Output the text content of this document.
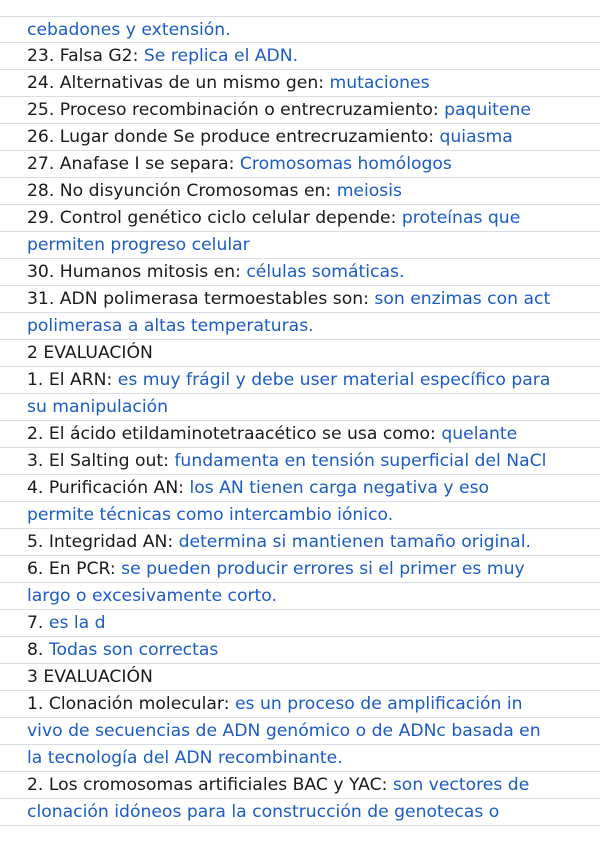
cebadones y extensión.
23. Falsa G2: Se replica el ADN.
24. Alternativas de un mismo gen: mutaciones
25. Proceso recombinación o entrecruzamiento: paquitene
26. Lugar donde Se produce entrecruzamiento: quiasma
27. Anafase I se separa: Cromosomas homólogos
28. No disyunción Cromosomas en: meiosis
29. Control genético ciclo celular depende: proteínas que
permiten progreso celular
30. Humanos mitosis en: células somáticas.
31. ADN polimerasa termoestables son: son enzimas con act
polimerasa a altas temperaturas.
2 EVALUACIÓN
1. El ARN: es muy frágil y debe user material específico para
su manipulación
2. El ácido etildaminotetraacético se usa como: quelante
3. El Salting out: fundamenta en tensión superficial del NaCl
4. Purificación AN: los AN tienen carga negativa y eso
permite técnicas como intercambio iónico.
5. Integridad AN: determina si mantienen tamaño original.
6. En PCR: se pueden producir errores si el primer es muy
largo o excesivamente corto.
7. es la d
8. Todas son correctas
3 EVALUACIÓN
1. Clonación molecular: es un proceso de amplificación in
vivo de secuencias de ADN genómico o de ADNc basada en
la tecnología del ADN recombinante.
2. Los cromosomas artificiales BAC y YAC: son vectores de
clonación idóneos para la construcción de genotecas o
